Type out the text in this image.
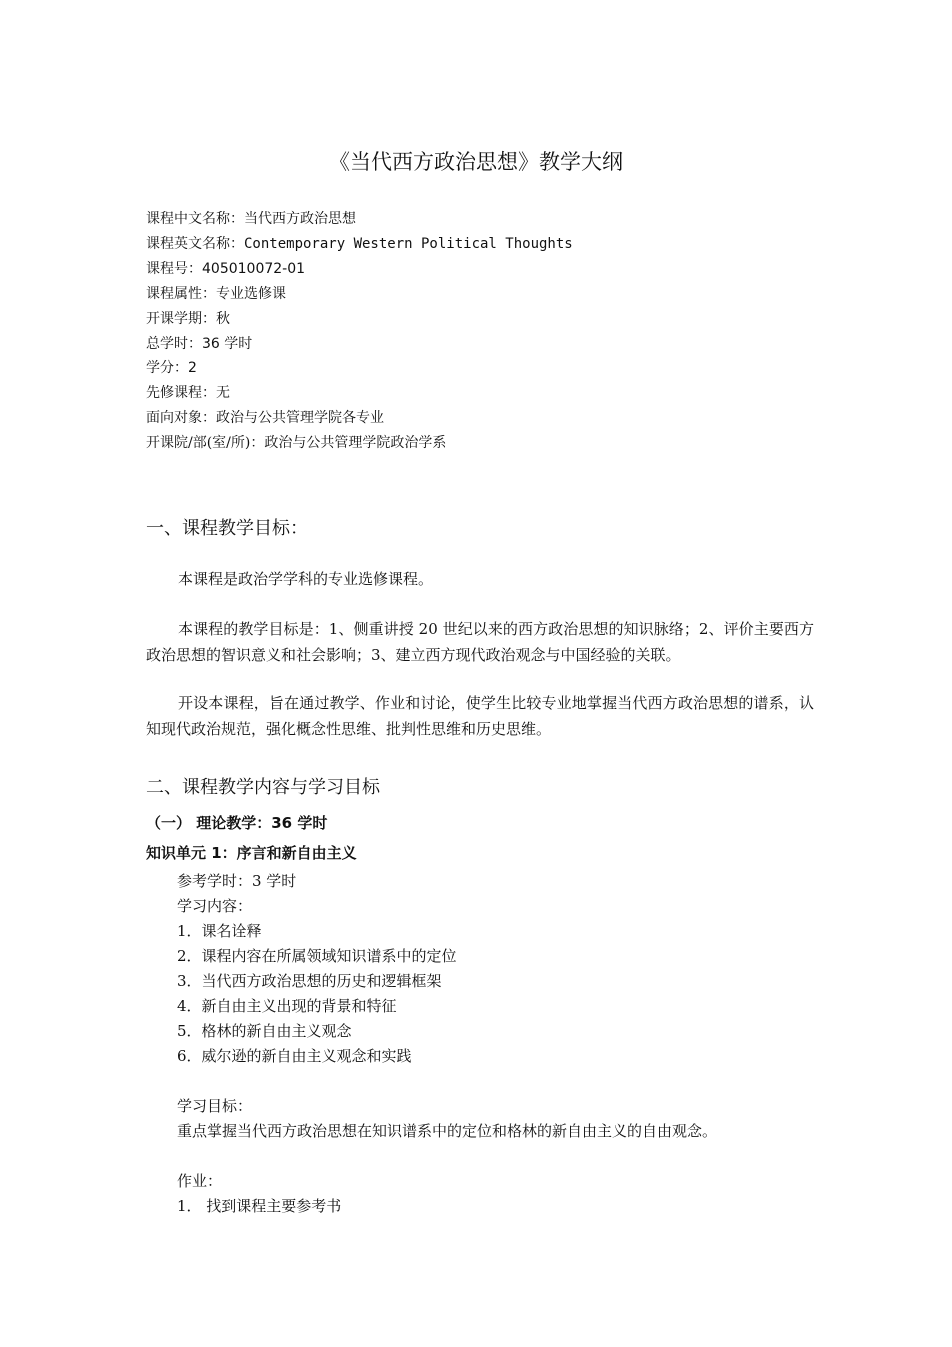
《当代西方政治思想》教学大纲
课程中文名称：当代西方政治思想
课程英文名称：Contemporary Western Political Thoughts
课程号：405010072-01
课程属性：专业选修课
开课学期：秋
总学时：36 学时
学分：2
先修课程：无
面向对象：政治与公共管理学院各专业
开课院/部(室/所)：政治与公共管理学院政治学系
一、课程教学目标：
本课程是政治学学科的专业选修课程。
本课程的教学目标是：1、侧重讲授 20 世纪以来的西方政治思想的知识脉络；2、评价主要西方政治思想的智识意义和社会影响；3、建立西方现代政治观念与中国经验的关联。
开设本课程，旨在通过教学、作业和讨论，使学生比较专业地掌握当代西方政治思想的谱系，认知现代政治规范，强化概念性思维、批判性思维和历史思维。
二、课程教学内容与学习目标
（一） 理论教学：36 学时
知识单元 1：序言和新自由主义
参考学时：3 学时
学习内容：
1．课名诠释
2．课程内容在所属领域知识谱系中的定位
3．当代西方政治思想的历史和逻辑框架
4．新自由主义出现的背景和特征
5．格林的新自由主义观念
6．威尔逊的新自由主义观念和实践
学习目标：
重点掌握当代西方政治思想在知识谱系中的定位和格林的新自由主义的自由观念。
作业：
1． 找到课程主要参考书
